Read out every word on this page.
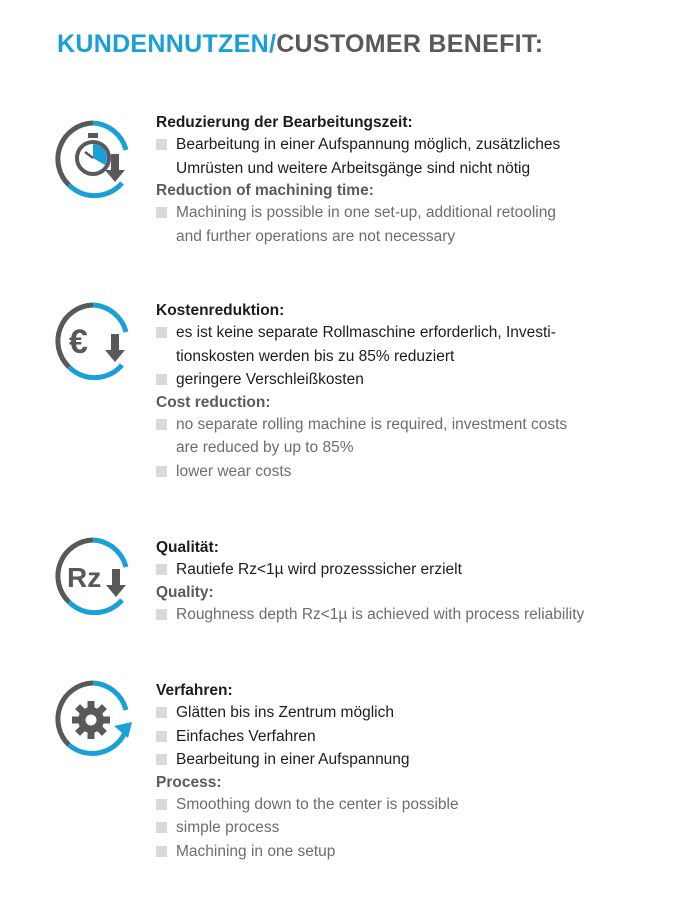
KUNDENNUTZEN/CUSTOMER BENEFIT:
Reduzierung der Bearbeitungszeit:
Bearbeitung in einer Aufspannung möglich, zusätzliches
Umrüsten und weitere Arbeitsgänge sind nicht nötig
Reduction of machining time:
Machining is possible in one set-up, additional retooling
and further operations are not necessary
€
Kostenreduktion:
es ist keine separate Rollmaschine erforderlich, Investi-
tionskosten werden bis zu 85% reduziert
geringere Verschleißkosten
Cost reduction:
no separate rolling machine is required, investment costs
are reduced by up to 85%
lower wear costs
Rz
Qualität:
Rautiefe Rz<1µ wird prozesssicher erzielt
Quality:
Roughness depth Rz<1µ is achieved with process reliability
Verfahren:
Glätten bis ins Zentrum möglich
Einfaches Verfahren
Bearbeitung in einer Aufspannung
Process:
Smoothing down to the center is possible
simple process
Machining in one setup
